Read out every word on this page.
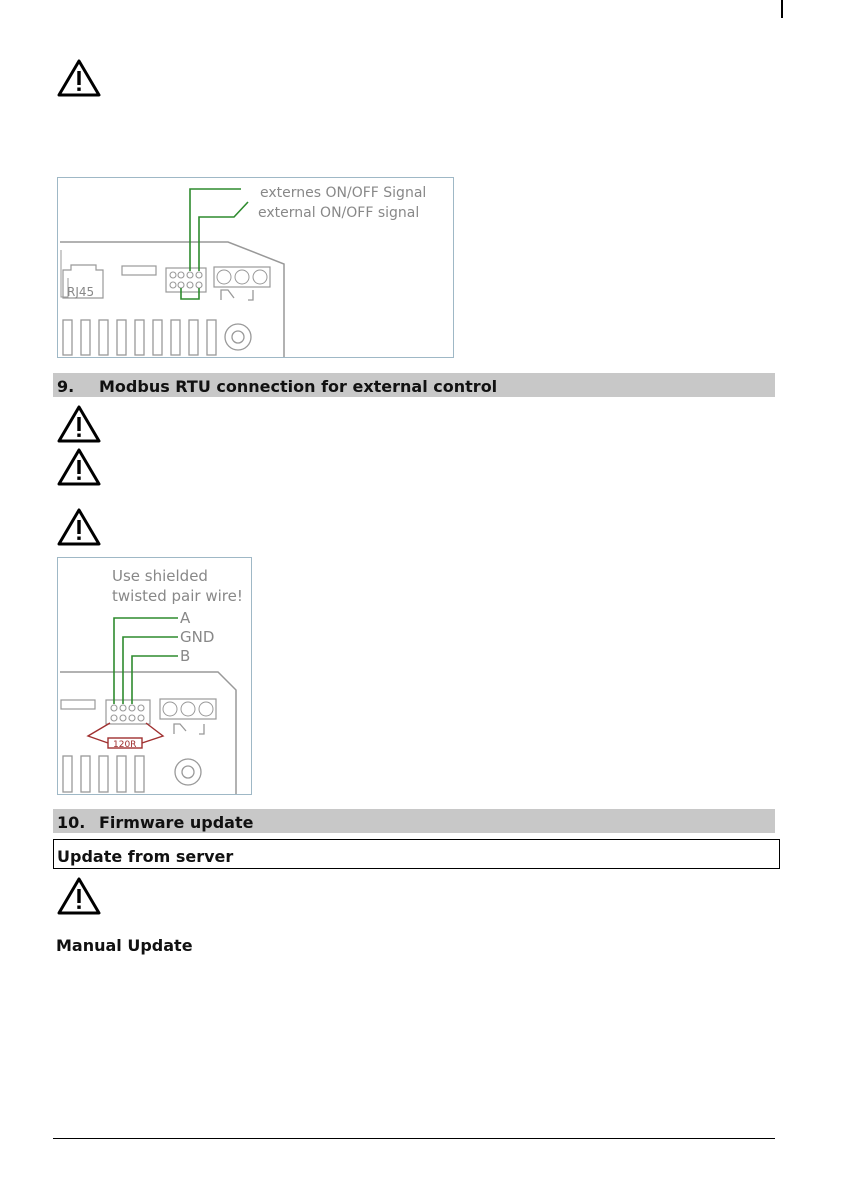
RJ45
externes ON/OFF Signal
external ON/OFF signal
9. Modbus RTU connection for external control
Use shielded
twisted pair wire!
A
GND
B
120R
10. Firmware update
Update from server
Manual Update
